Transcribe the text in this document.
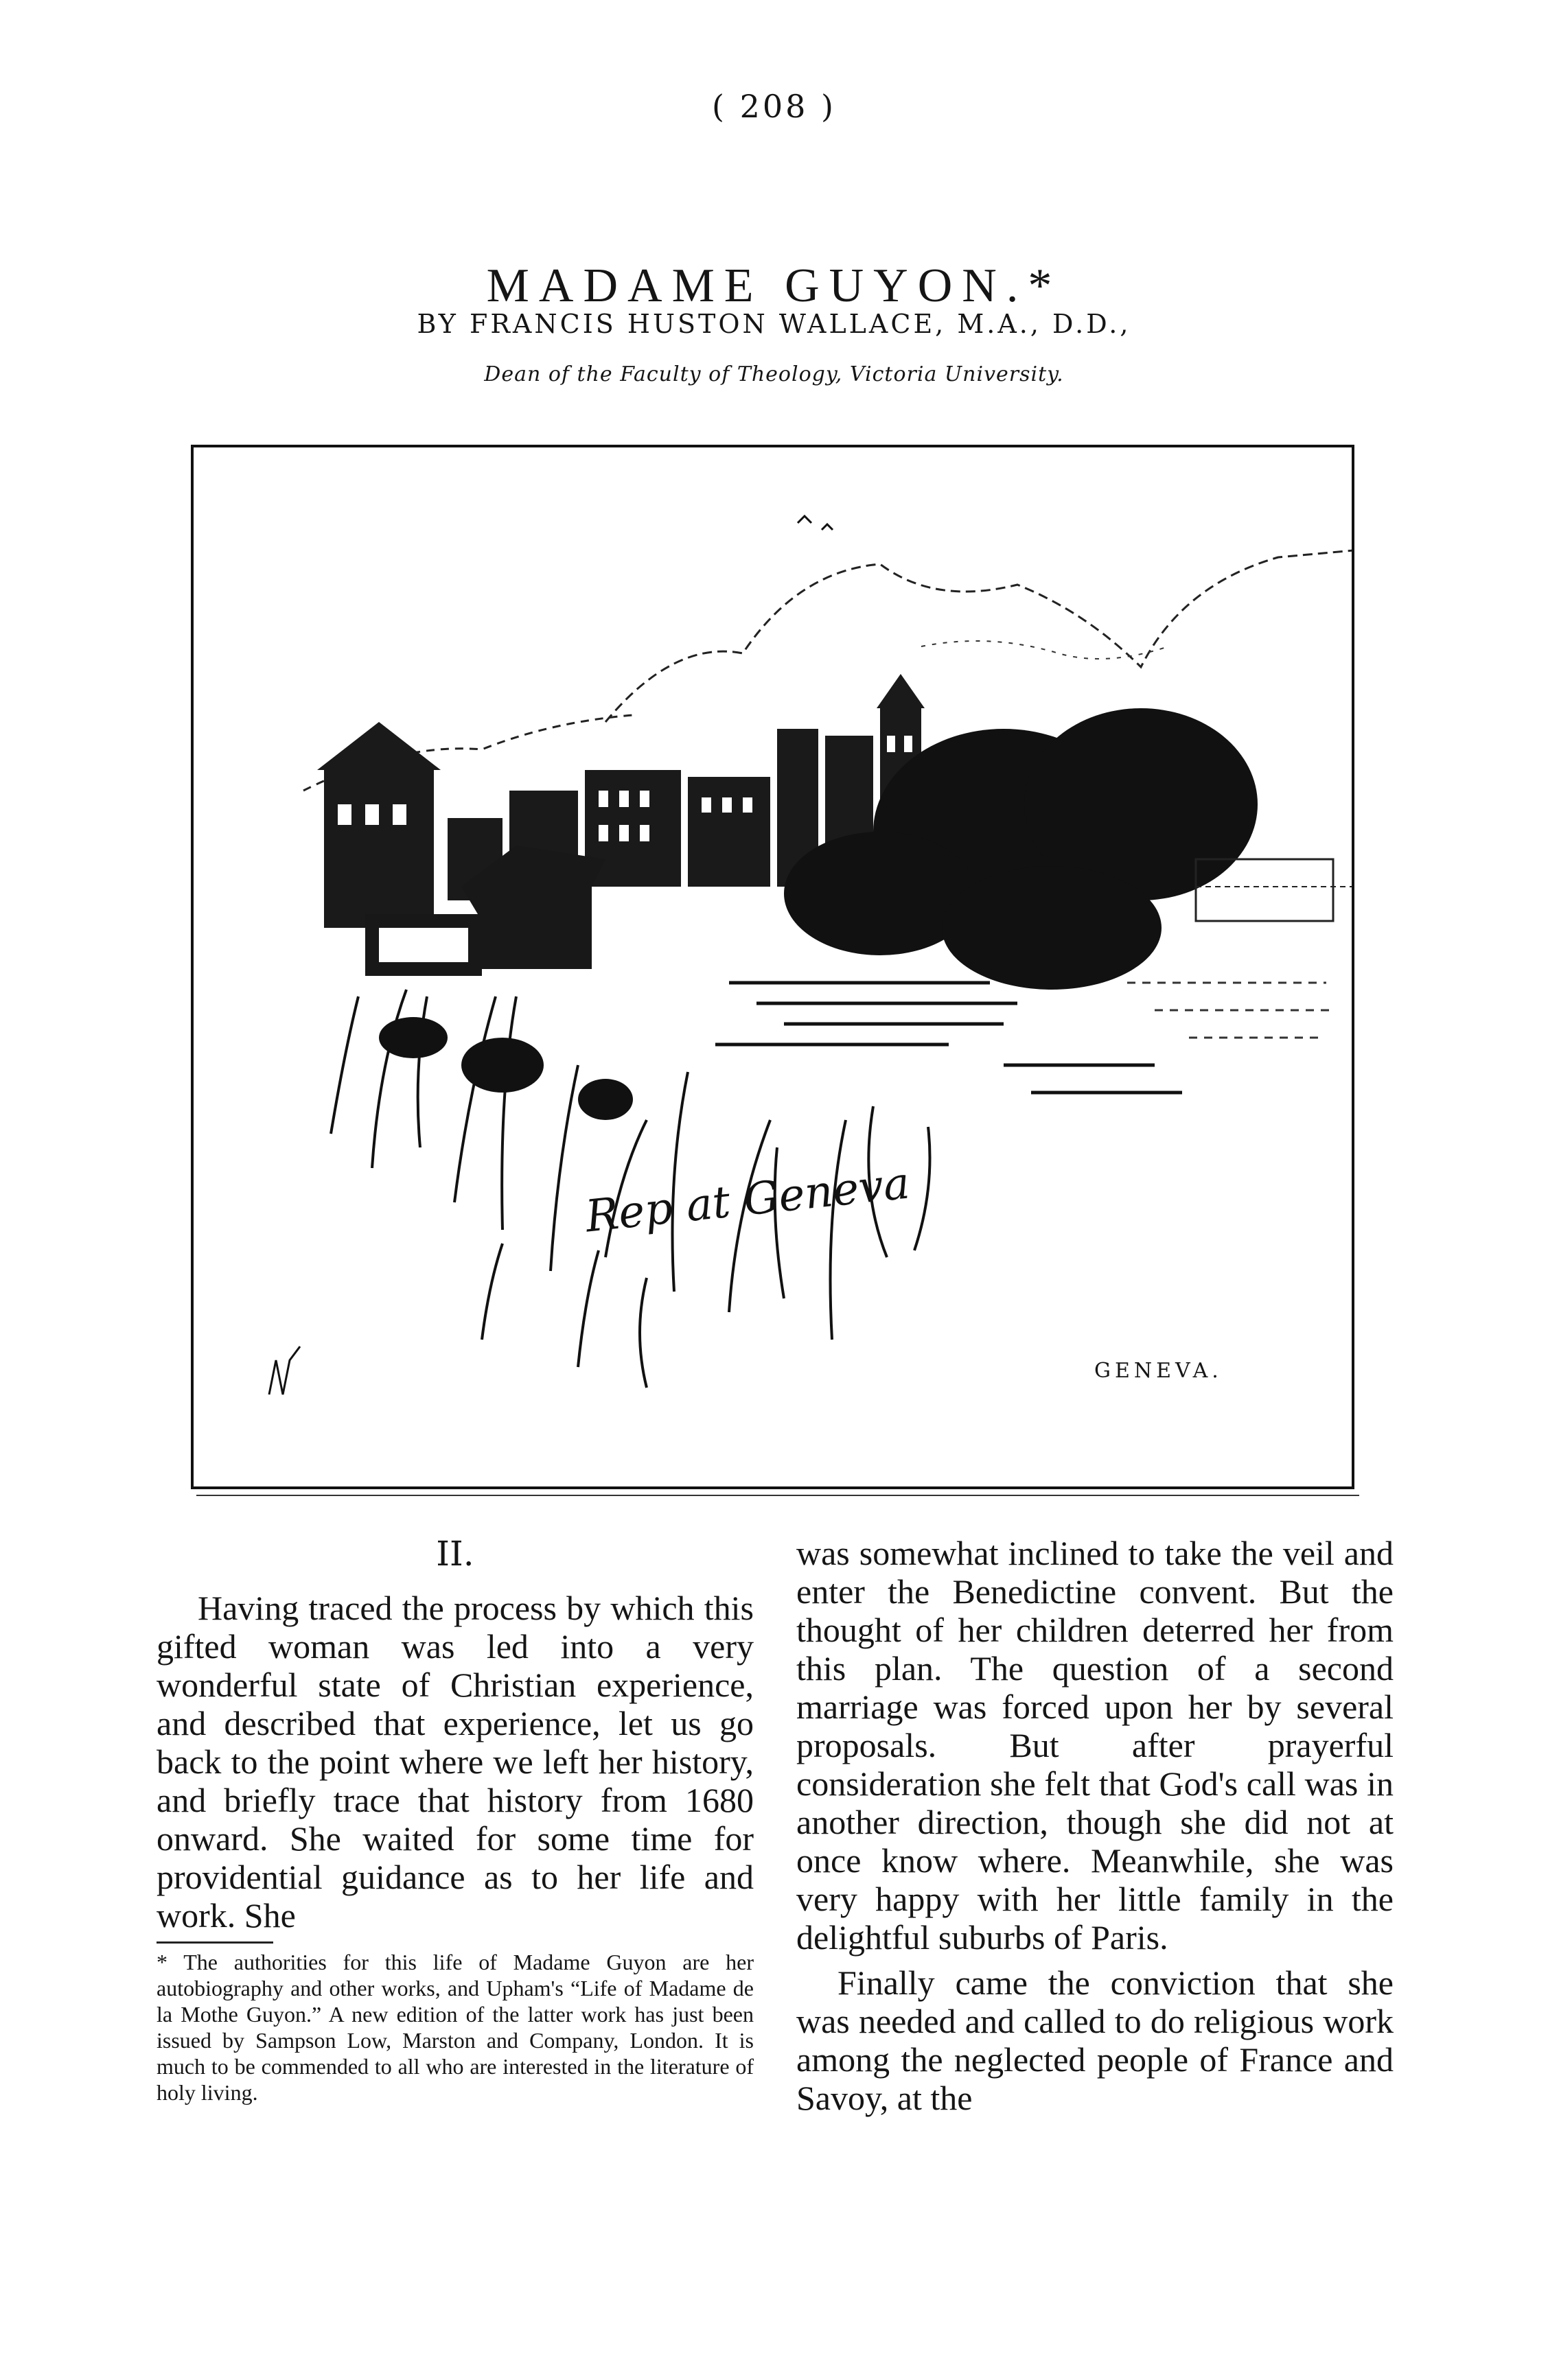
( 208 )
MADAME GUYON.*
BY FRANCIS HUSTON WALLACE, M.A., D.D.,
Dean of the Faculty of Theology, Victoria University.
Rep at Geneva
GENEVA.
II.

Having traced the process by which this gifted woman was led into a very wonderful state of Christian experience, and described that experience, let us go back to the point where we left her history, and briefly trace that history from 1680 onward. She waited for some time for providential guidance as to her life and work. She

* The authorities for this life of Madame Guyon are her autobiography and other works, and Upham's “Life of Madame de la Mothe Guyon.” A new edition of the latter work has just been issued by Sampson Low, Marston and Company, London. It is much to be commended to all who are interested in the literature of holy living.

was somewhat inclined to take the veil and enter the Benedictine convent. But the thought of her children deterred her from this plan. The question of a second marriage was forced upon her by several proposals. But after prayerful consideration she felt that God's call was in another direction, though she did not at once know where. Meanwhile, she was very happy with her little family in the delightful suburbs of Paris.

Finally came the conviction that she was needed and called to do religious work among the neglected people of France and Savoy, at the
